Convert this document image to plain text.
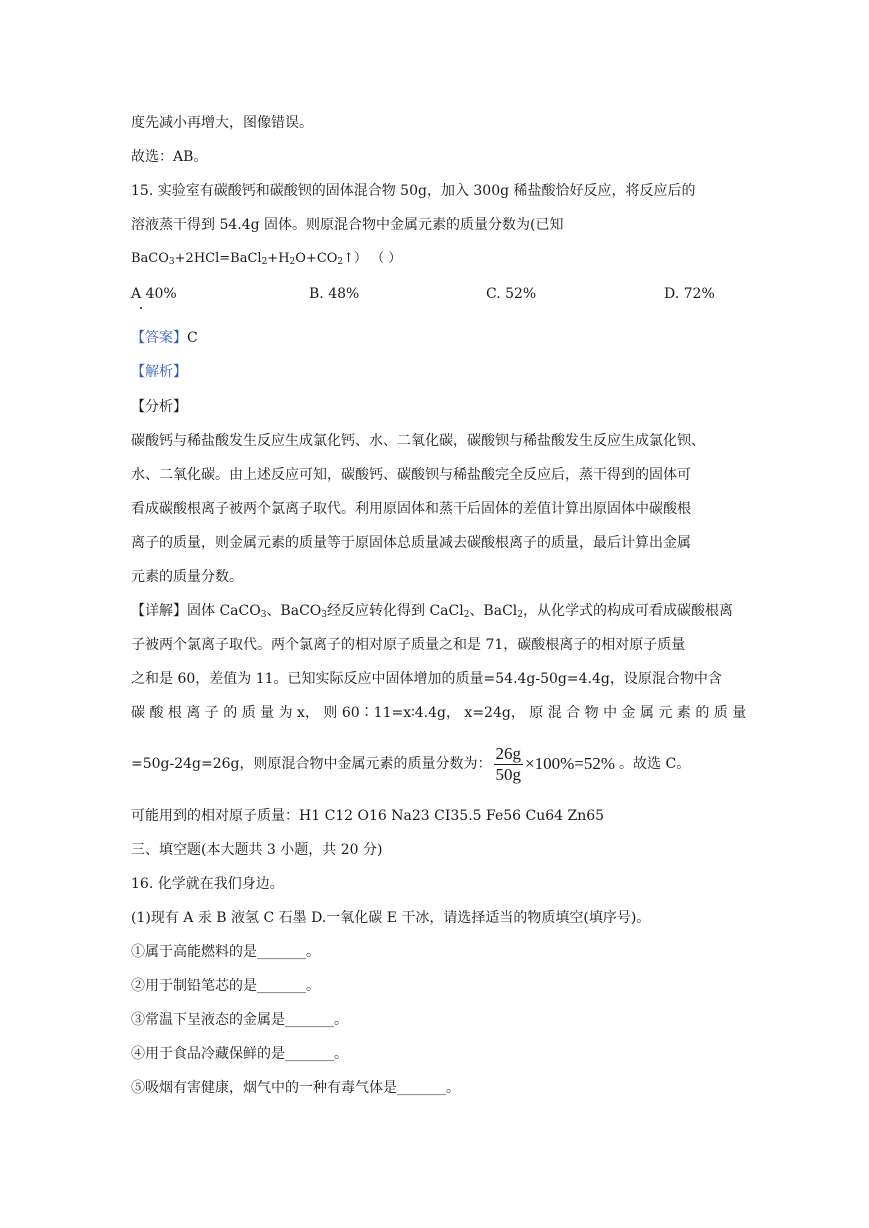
度先减小再增大，图像错误。
故选：AB。
15. 实验室有碳酸钙和碳酸钡的固体混合物 50g，加入 300g 稀盐酸恰好反应，将反应后的
溶液蒸干得到 54.4g 固体。则原混合物中金属元素的质量分数为(已知
$BaCO_3+2HCl=BaCl_2+H_2O+CO_2↑$） （ ）
A 40%	B. 48%	C. 52%	D. 72%
【答案】C
【解析】
【分析】
碳酸钙与稀盐酸发生反应生成氯化钙、水、二氧化碳，碳酸钡与稀盐酸发生反应生成氯化钡、
水、二氧化碳。由上述反应可知，碳酸钙、碳酸钡与稀盐酸完全反应后，蒸干得到的固体可
看成碳酸根离子被两个氯离子取代。利用原固体和蒸干后固体的差值计算出原固体中碳酸根
离子的质量，则金属元素的质量等于原固体总质量减去碳酸根离子的质量，最后计算出金属
元素的质量分数。
【详解】固体 CaCO$_3$、BaCO$_3$经反应转化得到 CaCl$_2$、BaCl$_2$，从化学式的构成可看成碳酸根离
子被两个氯离子取代。两个氯离子的相对原子质量之和是 71，碳酸根离子的相对原子质量
之和是 60，差值为 11。已知实际反应中固体增加的质量=54.4g-50g=4.4g，设原混合物中含
碳 酸 根 离 子 的 质 量 为 x， 则 60∶11=x∶4.4g， x=24g， 原 混 合 物 中 金 属 元 素 的 质 量
=50g-24g=26g，则原混合物中金属元素的质量分数为： $\frac{26g}{50g} \times 100\%=52\%$ 。故选 C。
可能用到的相对原子质量：H1 C12 O16 Na23 CI35.5 Fe56 Cu64 Zn65
三、填空题(本大题共 3 小题，共 20 分)
16. 化学就在我们身边。
(1)现有 A 汞 B 液氢 C 石墨 D.一氧化碳 E 干冰，请选择适当的物质填空(填序号)。
①属于高能燃料的是_______。
②用于制铅笔芯的是_______。
③常温下呈液态的金属是_______。
④用于食品冷藏保鲜的是_______。
⑤吸烟有害健康，烟气中的一种有毒气体是_______。
